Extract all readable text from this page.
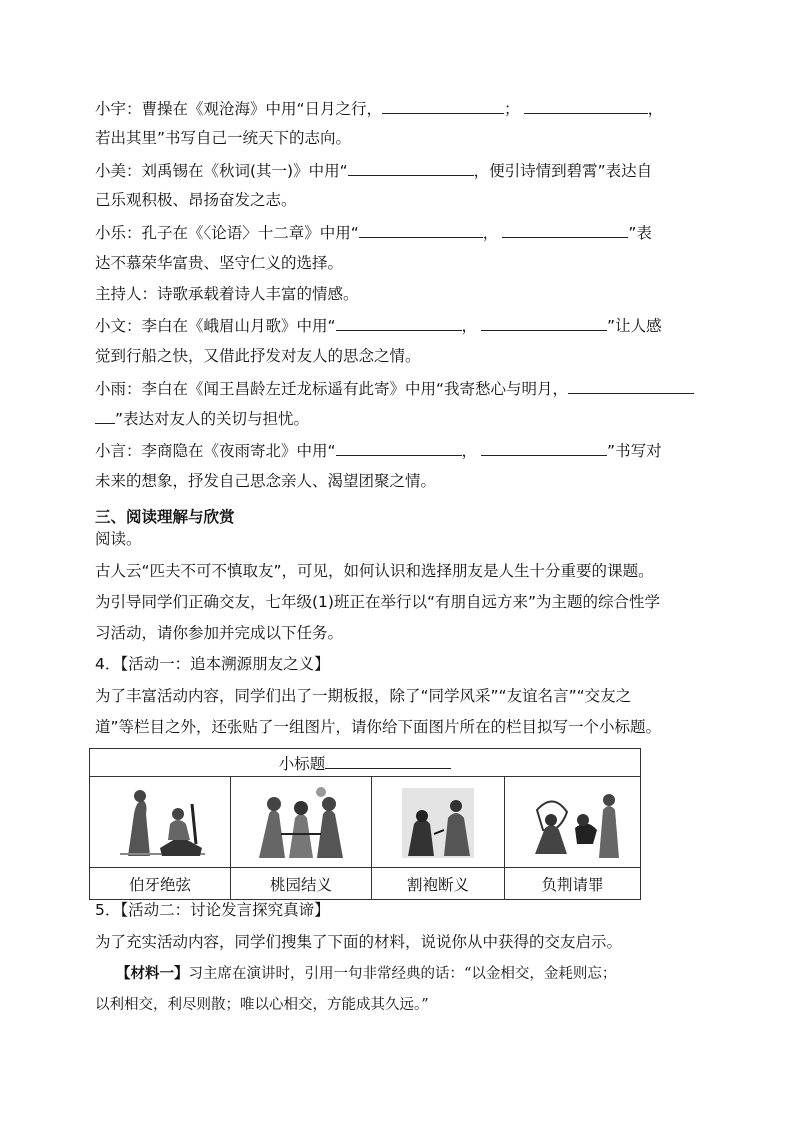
小宇：曹操在《观沧海》中用“日月之行，	；	，
若出其里”书写自己一统天下的志向。
小美：刘禹锡在《秋词(其一)》中用“	，便引诗情到碧霄”表达自
己乐观积极、昂扬奋发之志。
小乐：孔子在《〈论语〉十二章》中用“	，	”表
达不慕荣华富贵、坚守仁义的选择。
主持人：诗歌承载着诗人丰富的情感。
小文：李白在《峨眉山月歌》中用“	，	”让人感
觉到行船之快，又借此抒发对友人的思念之情。
小雨：李白在《闻王昌龄左迁龙标遥有此寄》中用“我寄愁心与明月，
”表达对友人的关切与担忧。
小言：李商隐在《夜雨寄北》中用“	，	”书写对
未来的想象，抒发自己思念亲人、渴望团聚之情。
三、阅读理解与欣赏
阅读。
古人云“匹夫不可不慎取友”，可见，如何认识和选择朋友是人生十分重要的课题。
为引导同学们正确交友，七年级(1)班正在举行以“有朋自远方来”为主题的综合性学
习活动，请你参加并完成以下任务。
4．【活动一：追本溯源朋友之义】
为了丰富活动内容，同学们出了一期板报，除了“同学风采”“友谊名言”“交友之
道”等栏目之外，还张贴了一组图片，请你给下面图片所在的栏目拟写一个小标题。
小标题			

伯牙绝弦	桃园结义	割袍断义	负荆请罪
5．【活动二：讨论发言探究真谛】
为了充实活动内容，同学们搜集了下面的材料，说说你从中获得的交友启示。
【材料一】习主席在演讲时，引用一句非常经典的话：“以金相交，金耗则忘；
以利相交，利尽则散；唯以心相交，方能成其久远。”
